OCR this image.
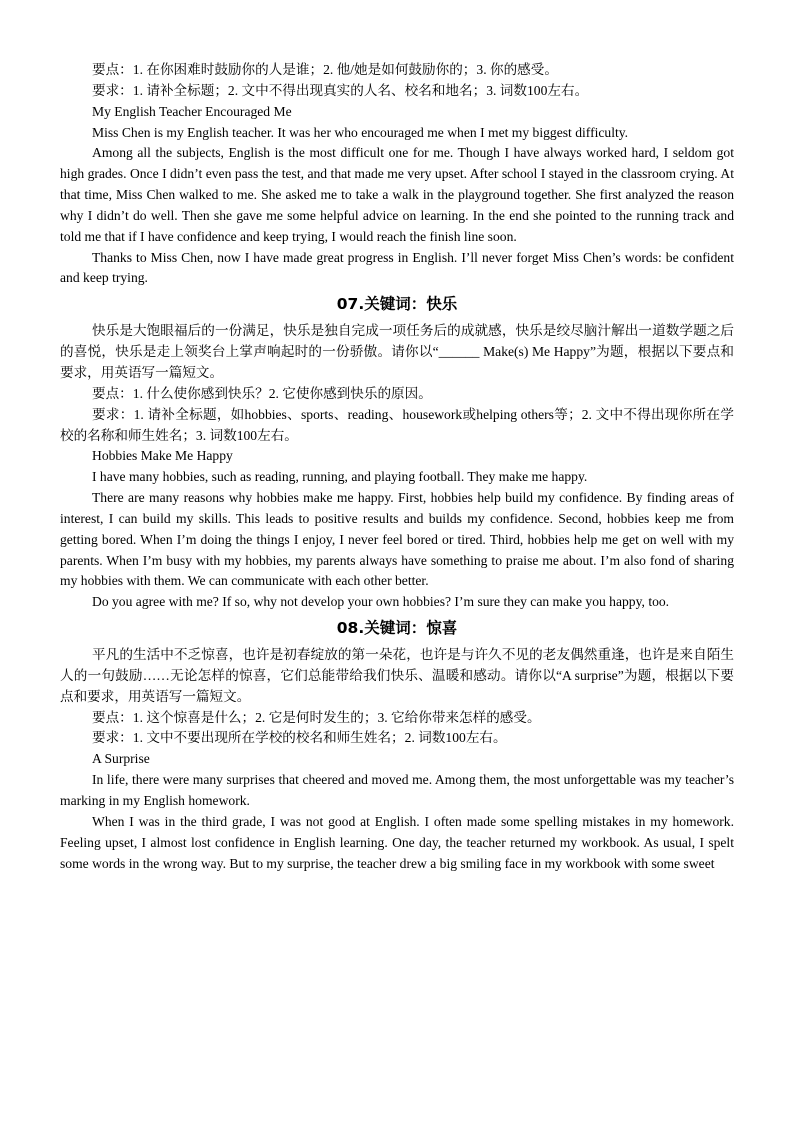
要点：1. 在你困难时鼓励你的人是谁；2. 他/她是如何鼓励你的；3. 你的感受。

要求：1. 请补全标题；2. 文中不得出现真实的人名、校名和地名；3. 词数100左右。

My English Teacher Encouraged Me

Miss Chen is my English teacher. It was her who encouraged me when I met my biggest difficulty.

Among all the subjects, English is the most difficult one for me. Though I have always worked hard, I seldom got high grades. Once I didn’t even pass the test, and that made me very upset. After school I stayed in the classroom crying. At that time, Miss Chen walked to me. She asked me to take a walk in the playground together. She first analyzed the reason why I didn’t do well. Then she gave me some helpful advice on learning. In the end she pointed to the running track and told me that if I have confidence and keep trying, I would reach the finish line soon.

Thanks to Miss Chen, now I have made great progress in English. I’ll never forget Miss Chen’s words: be confident and keep trying.

07.关键词：快乐

快乐是大饱眼福后的一份满足，快乐是独自完成一项任务后的成就感，快乐是绞尽脑汁解出一道数学题之后的喜悦，快乐是走上领奖台上掌声响起时的一份骄傲。请你以“______ Make(s) Me Happy”为题，根据以下要点和要求，用英语写一篇短文。

要点：1. 什么使你感到快乐？2. 它使你感到快乐的原因。

要求：1. 请补全标题，如hobbies、sports、reading、housework或helping others等；2. 文中不得出现你所在学校的名称和师生姓名；3. 词数100左右。

Hobbies Make Me Happy

I have many hobbies, such as reading, running, and playing football. They make me happy.

There are many reasons why hobbies make me happy. First, hobbies help build my confidence. By finding areas of interest, I can build my skills. This leads to positive results and builds my confidence. Second, hobbies keep me from getting bored. When I’m doing the things I enjoy, I never feel bored or tired. Third, hobbies help me get on well with my parents. When I’m busy with my hobbies, my parents always have something to praise me about. I’m also fond of sharing my hobbies with them. We can communicate with each other better.

Do you agree with me? If so, why not develop your own hobbies? I’m sure they can make you happy, too.

08.关键词：惊喜

平凡的生活中不乏惊喜，也许是初春绽放的第一朵花，也许是与许久不见的老友偶然重逢，也许是来自陌生人的一句鼓励……无论怎样的惊喜，它们总能带给我们快乐、温暖和感动。请你以“A surprise”为题，根据以下要点和要求，用英语写一篇短文。

要点：1. 这个惊喜是什么；2. 它是何时发生的；3. 它给你带来怎样的感受。

要求：1. 文中不要出现所在学校的校名和师生姓名；2. 词数100左右。

A Surprise

In life, there were many surprises that cheered and moved me. Among them, the most unforgettable was my teacher’s marking in my English homework.

When I was in the third grade, I was not good at English. I often made some spelling mistakes in my homework. Feeling upset, I almost lost confidence in English learning. One day, the teacher returned my workbook. As usual, I spelt some words in the wrong way. But to my surprise, the teacher drew a big smiling face in my workbook with some sweet
